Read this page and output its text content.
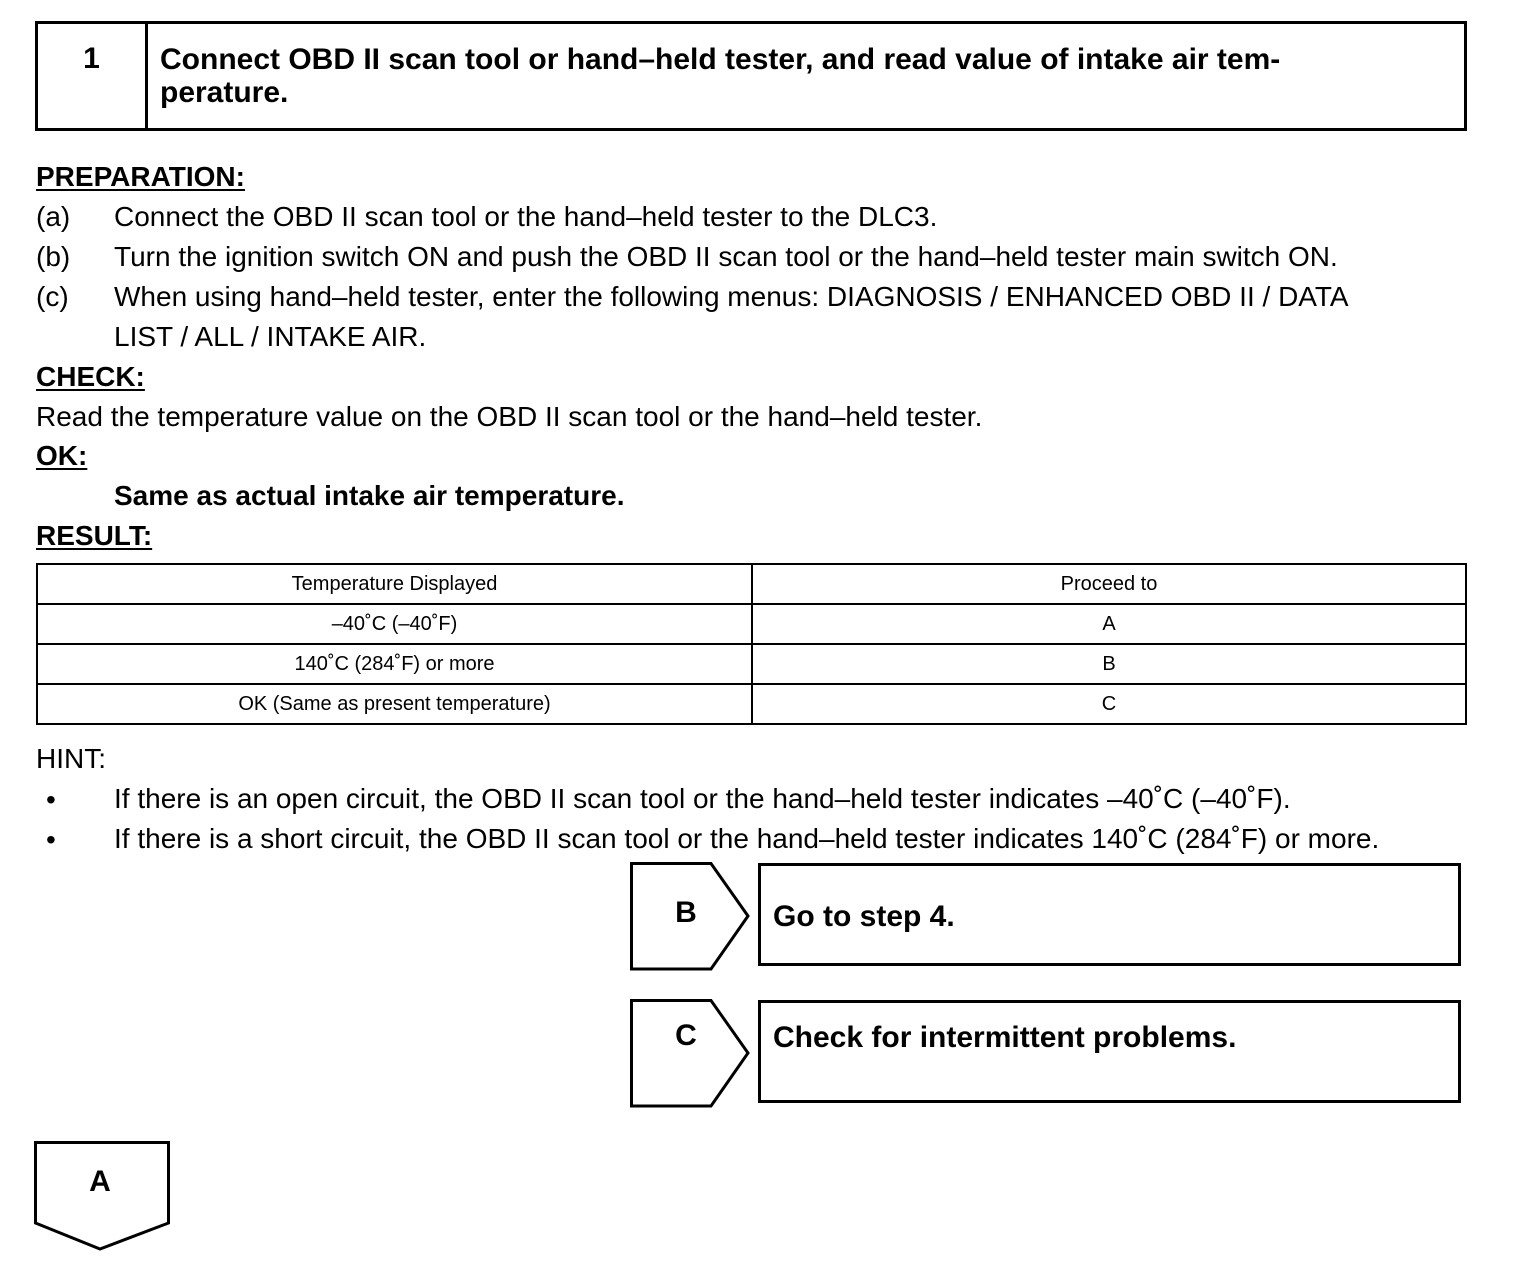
1	Connect OBD II scan tool or hand–held tester, and read value of intake air tem-
perature.
PREPARATION:
(a) Connect the OBD II scan tool or the hand–held tester to the DLC3.
(b) Turn the ignition switch ON and push the OBD II scan tool or the hand–held tester main switch ON.
(c) When using hand–held tester, enter the following menus: DIAGNOSIS / ENHANCED OBD II / DATA
LIST / ALL / INTAKE AIR.
CHECK:
Read the temperature value on the OBD II scan tool or the hand–held tester.
OK:
Same as actual intake air temperature.
RESULT:
Temperature Displayed	Proceed to
–40˚C (–40˚F)	A
140˚C (284˚F) or more	B
OK (Same as present temperature)	C
HINT:
• If there is an open circuit, the OBD II scan tool or the hand–held tester indicates –40˚C (–40˚F).
• If there is a short circuit, the OBD II scan tool or the hand–held tester indicates 140˚C (284˚F) or more.
B	Go to step 4.
C	Check for intermittent problems.
A
